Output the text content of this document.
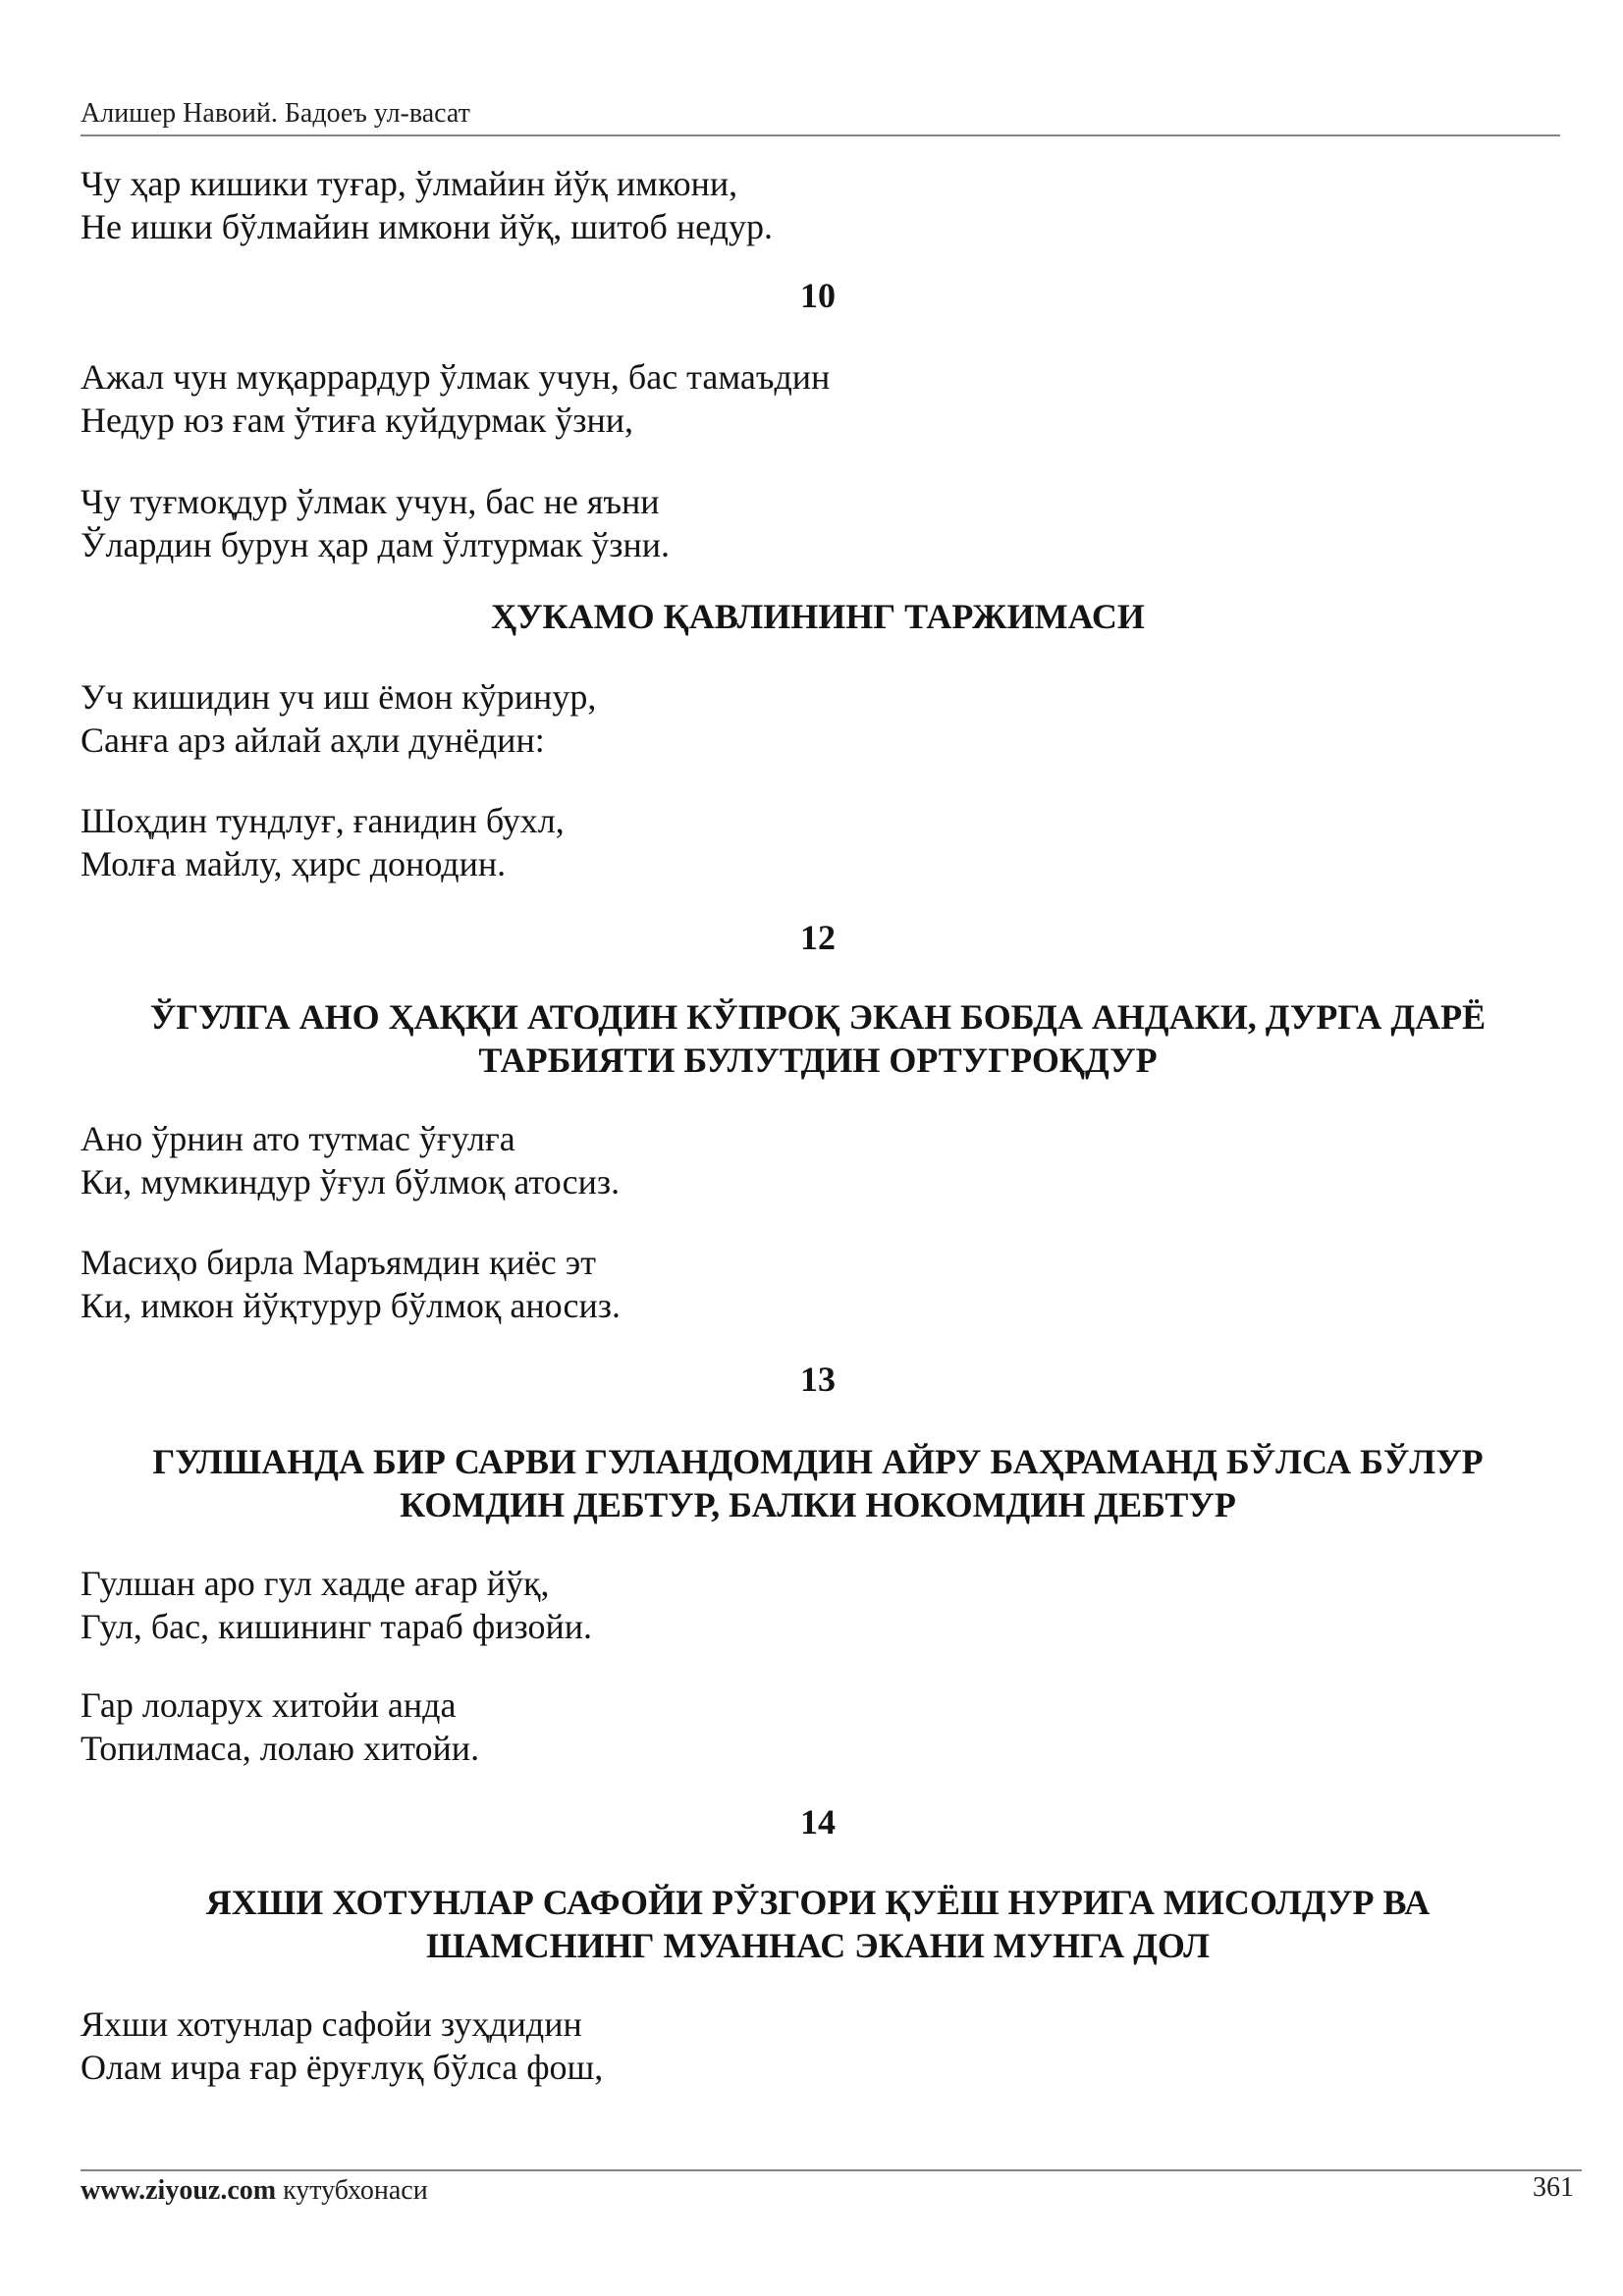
Алишер Навоий. Бадоеъ ул-васат
Чу ҳар кишики туғар, ўлмайин йўқ имкони,
Не ишки бўлмайин имкони йўқ, шитоб недур.
10
Ажал чун муқаррардур ўлмак учун, бас тамаъдин
Недур юз ғам ўтиға куйдурмак ўзни,
Чу туғмоқдур ўлмак учун, бас не яъни
Ўлардин бурун ҳар дам ўлтурмак ўзни.
ҲУКАМО ҚАВЛИНИНГ ТАРЖИМАСИ
Уч кишидин уч иш ёмон кўринур,
Санға арз айлай аҳли дунёдин:
Шоҳдин тундлуғ, ғанидин бухл,
Молға майлу, ҳирс донодин.
12
ЎГУЛГА АНО ҲАҚҚИ АТОДИН КЎПРОҚ ЭКАН БОБДА АНДАКИ, ДУРГА ДАРЁ
ТАРБИЯТИ БУЛУТДИН ОРТУГРОҚДУР
Ано ўрнин ато тутмас ўғулға
Ки, мумкиндур ўғул бўлмоқ атосиз.
Масиҳо бирла Маръямдин қиёс эт
Ки, имкон йўқтурур бўлмоқ аносиз.
13
ГУЛШАНДА БИР САРВИ ГУЛАНДОМДИН АЙРУ БАҲРАМАНД БЎЛСА БЎЛУР
КОМДИН ДЕБТУР, БАЛКИ НОКОМДИН ДЕБТУР
Гулшан аро гул хадде ағар йўқ,
Гул, бас, кишининг тараб физойи.
Гар лоларух хитойи анда
Топилмаса, лолаю хитойи.
14
ЯХШИ ХОТУНЛАР САФОЙИ РЎЗГОРИ ҚУЁШ НУРИГА МИСОЛДУР ВА
ШАМСНИНГ МУАННАС ЭКАНИ МУНГА ДОЛ
Яхши хотунлар сафойи зуҳдидин
Олам ичра ғар ёруғлуқ бўлса фош,
www.ziyouz.com кутубхонаси	361
